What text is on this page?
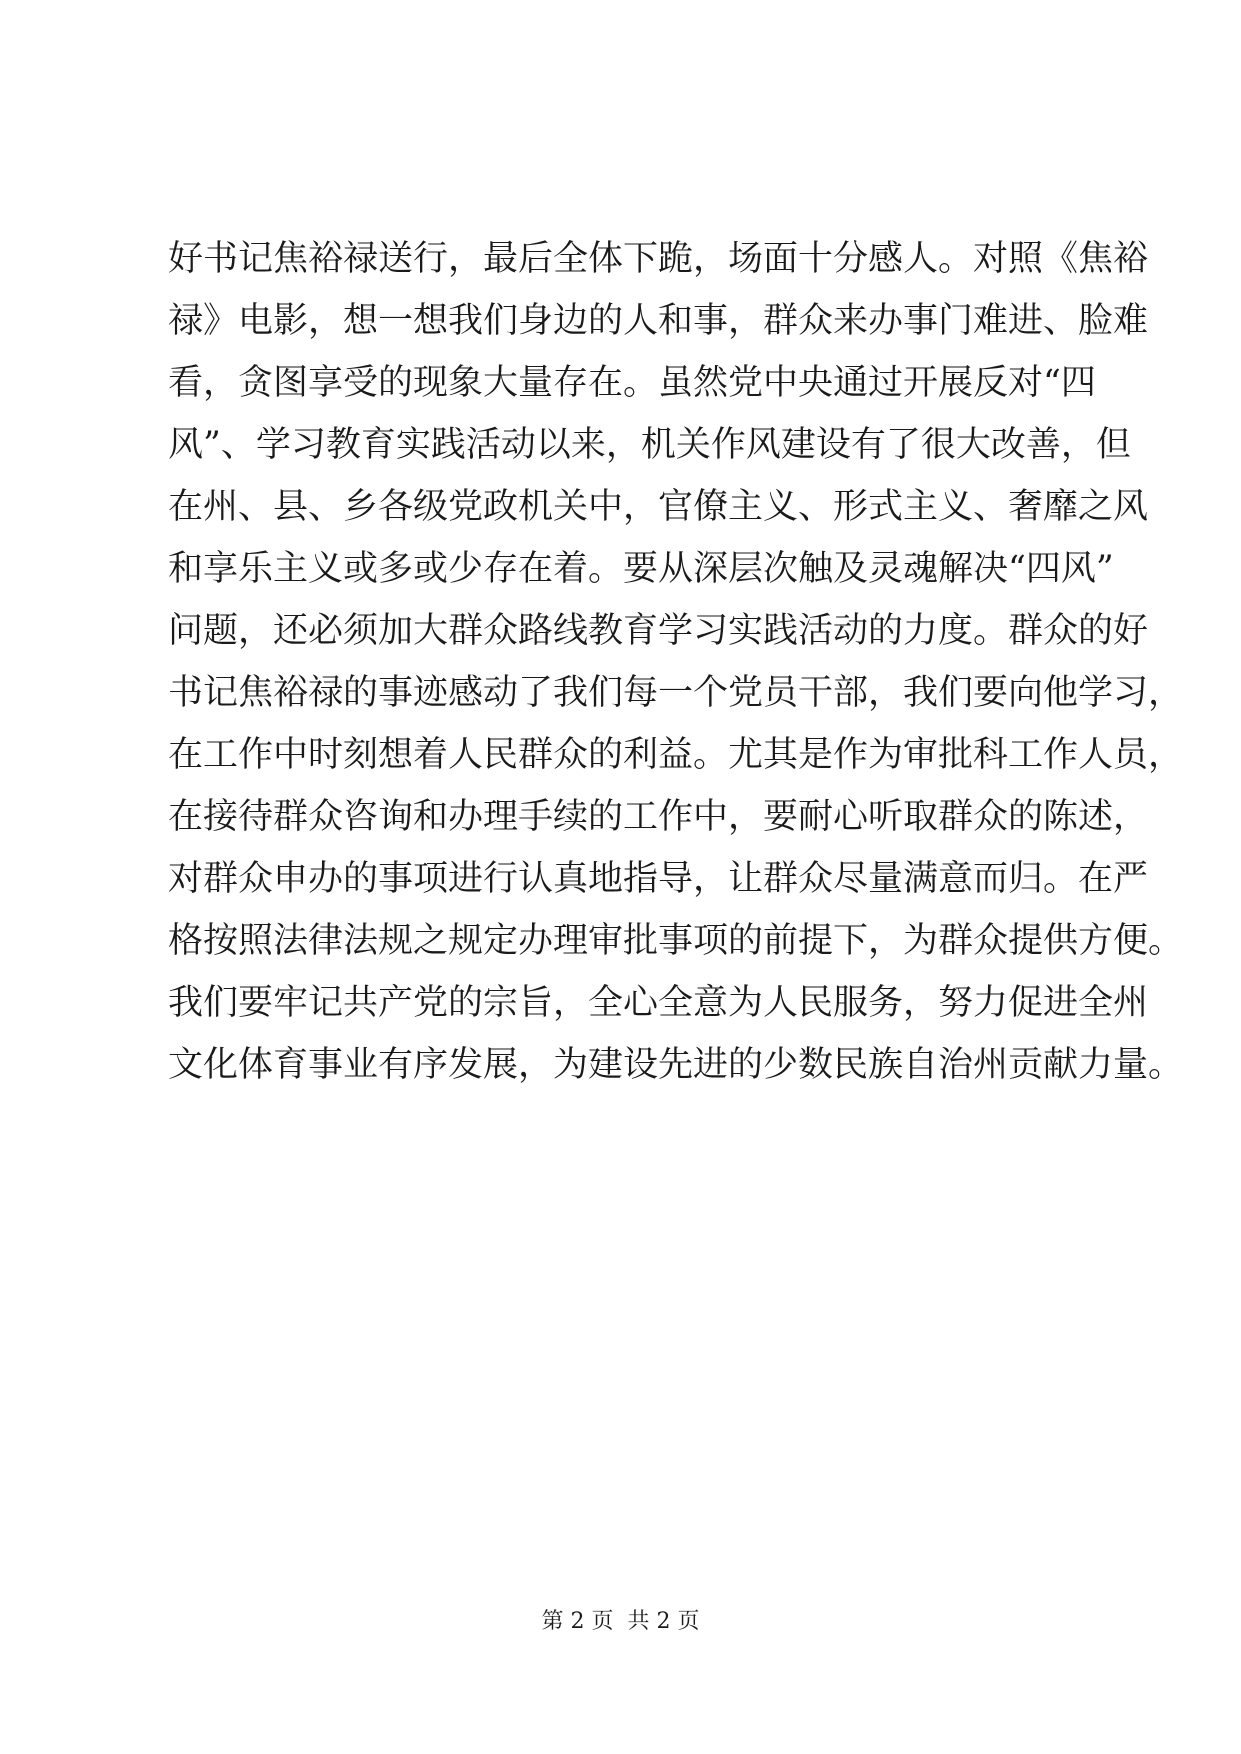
好书记焦裕禄送行，最后全体下跪，场面十分感人。对照《焦裕
禄》电影，想一想我们身边的人和事，群众来办事门难进、脸难
看，贪图享受的现象大量存在。虽然党中央通过开展反对“四
风”、学习教育实践活动以来，机关作风建设有了很大改善，但
在州、县、乡各级党政机关中，官僚主义、形式主义、奢靡之风
和享乐主义或多或少存在着。要从深层次触及灵魂解决“四风”
问题，还必须加大群众路线教育学习实践活动的力度。群众的好
书记焦裕禄的事迹感动了我们每一个党员干部，我们要向他学习，
在工作中时刻想着人民群众的利益。尤其是作为审批科工作人员，
在接待群众咨询和办理手续的工作中，要耐心听取群众的陈述，
对群众申办的事项进行认真地指导，让群众尽量满意而归。在严
格按照法律法规之规定办理审批事项的前提下，为群众提供方便。
我们要牢记共产党的宗旨，全心全意为人民服务，努力促进全州
文化体育事业有序发展，为建设先进的少数民族自治州贡献力量。
第 2 页 共 2 页
